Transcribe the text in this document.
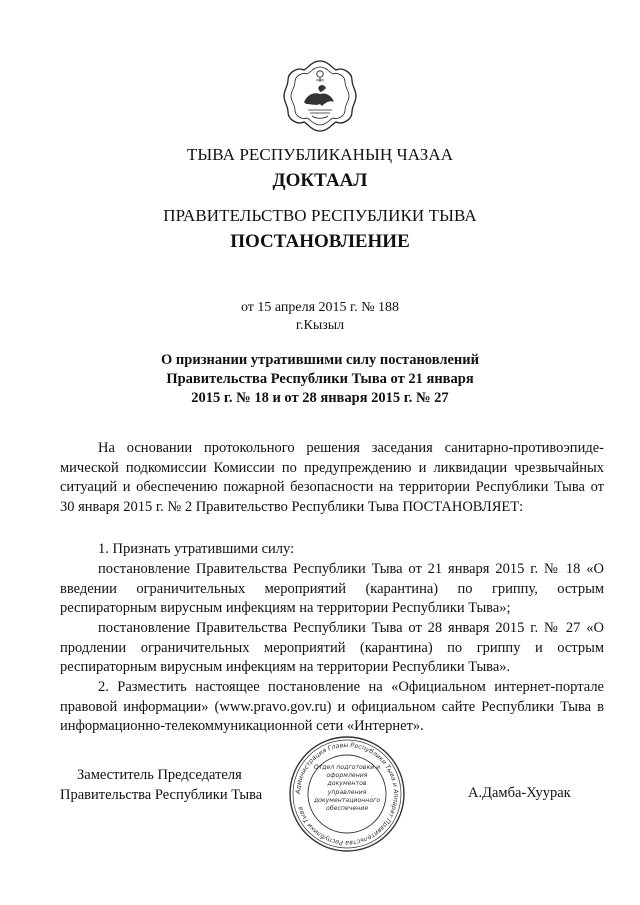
ТЫВА РЕСПУБЛИКАНЫҢ ЧАЗАА
ДОКТААЛ
ПРАВИТЕЛЬСТВО РЕСПУБЛИКИ ТЫВА
ПОСТАНОВЛЕНИЕ
от 15 апреля 2015 г. № 188
г.Кызыл
О признании утратившими силу постановлений
Правительства Республики Тыва от 21 января
2015 г. № 18 и от 28 января 2015 г. № 27
На основании протокольного решения заседания санитарно-противоэпидемической подкомиссии Комиссии по предупреждению и ликвидации чрезвычайных ситуаций и обеспечению пожарной безопасности на территории Республики Тыва от 30 января 2015 г. № 2 Правительство Республики Тыва ПОСТАНОВЛЯЕТ:
1. Признать утратившими силу:
постановление Правительства Республики Тыва от 21 января 2015 г. № 18 «О введении ограничительных мероприятий (карантина) по гриппу, острым респираторным вирусным инфекциям на территории Республики Тыва»;
постановление Правительства Республики Тыва от 28 января 2015 г. № 27 «О продлении ограничительных мероприятий (карантина) по гриппу и острым респираторным вирусным инфекциям на территории Республики Тыва».
2. Разместить настоящее постановление на «Официальном интернет-портале правовой информации» (www.pravo.gov.ru) и официальном сайте Республики Тыва в информационно-телекоммуникационной сети «Интернет».
Заместитель Председателя
Правительства Республики Тыва	А.Дамба-Хуурак
Администрация Главы Республики Тыва и Аппарат Правительства Республики Тыва
Отдел подготовки и оформления документов управления документационного обеспечения
